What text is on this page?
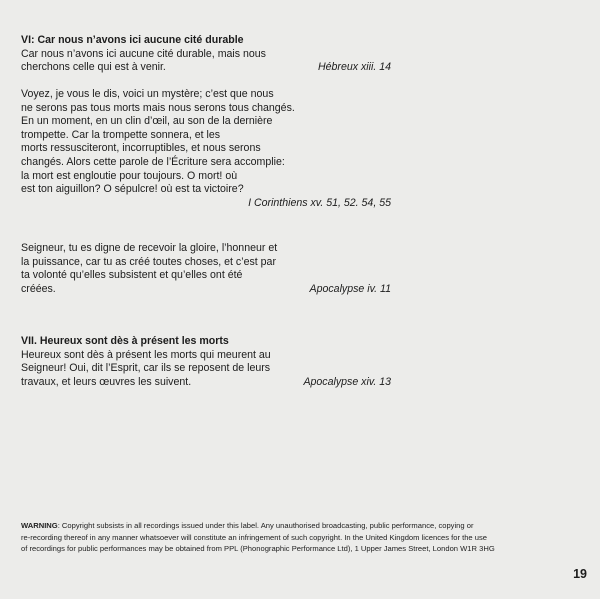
VI: Car nous n’avons ici aucune cité durable

Car nous n’avons ici aucune cité durable, mais nous
cherchons celle qui est à venir.	Hébreux xiii. 14
Voyez, je vous le dis, voici un mystère; c’est que nous
ne serons pas tous morts mais nous serons tous changés.
En un moment, en un clin d’œil, au son de la dernière
trompette. Car la trompette sonnera, et les
morts ressusciteront, incorruptibles, et nous serons
changés. Alors cette parole de l’Écriture sera accomplie:
la mort est engloutie pour toujours. O mort! où
est ton aiguillon? O sépulcre! où est ta victoire?
I Corinthiens xv. 51, 52. 54, 55
Seigneur, tu es digne de recevoir la gloire, l’honneur et
la puissance, car tu as créé toutes choses, et c’est par
ta volonté qu’elles subsistent et qu’elles ont été
créées.	Apocalypse iv. 11

VII. Heureux sont dès à présent les morts

Heureux sont dès à présent les morts qui meurent au
Seigneur! Oui, dit l’Esprit, car ils se reposent de leurs
travaux, et leurs œuvres les suivent.	Apocalypse xiv. 13
WARNING: Copyright subsists in all recordings issued under this label. Any unauthorised broadcasting, public performance, copying or
re-recording thereof in any manner whatsoever will constitute an infringement of such copyright. In the United Kingdom licences for the use
of recordings for public performances may be obtained from PPL (Phonographic Performance Ltd), 1 Upper James Street, London W1R 3HG
19
